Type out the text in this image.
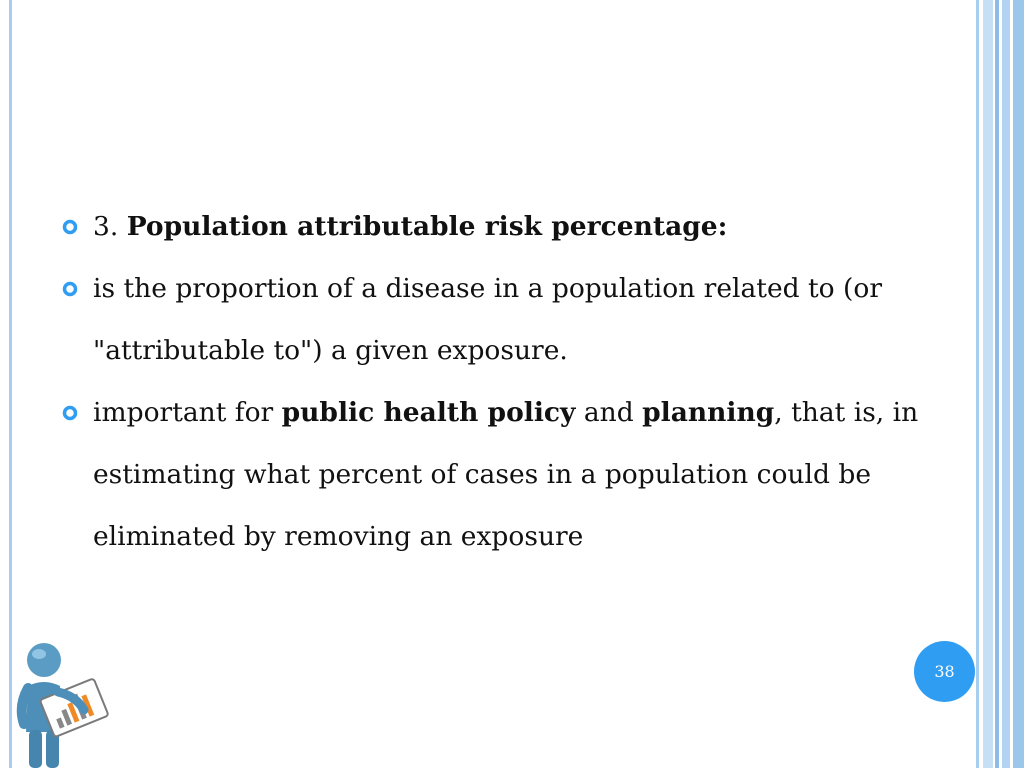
3. Population attributable risk percentage:
is the proportion of a disease in a population related to (or "attributable to") a given exposure.
important for public health policy and planning, that is, in estimating what percent of cases in a population could be eliminated by removing an exposure
38
